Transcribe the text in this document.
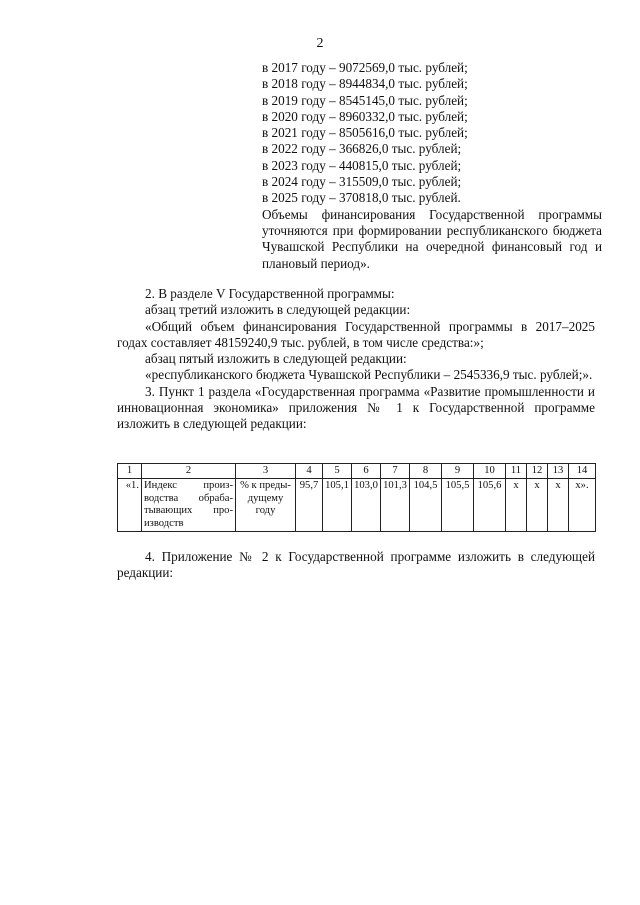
2
в 2017 году – 9072569,0 тыс. рублей;
в 2018 году – 8944834,0 тыс. рублей;
в 2019 году – 8545145,0 тыс. рублей;
в 2020 году – 8960332,0 тыс. рублей;
в 2021 году – 8505616,0 тыс. рублей;
в 2022 году – 366826,0 тыс. рублей;
в 2023 году – 440815,0 тыс. рублей;
в 2024 году – 315509,0 тыс. рублей;
в 2025 году – 370818,0 тыс. рублей.
Объемы финансирования Государственной программы уточняются при формировании республиканского бюджета Чувашской Республики на очередной финансовый год и плановый период».

2. В разделе V Государственной программы:

абзац третий изложить в следующей редакции:

«Общий объем финансирования Государственной программы в 2017–2025 годах составляет 48159240,9 тыс. рублей, в том числе средства:»;

абзац пятый изложить в следующей редакции:

«республиканского бюджета Чувашской Республики – 2545336,9 тыс. рублей;».

3. Пункт 1 раздела «Государственная программа «Развитие промышленности и инновационная экономика» приложения № 1 к Государственной программе изложить в следующей редакции:

1	2	3	4	5	6	7	8	9	10	11	12	13	14
«1.	Индекс производства обрабатывающих производств	% к предыдущему году	95,7	105,1	103,0	101,3	104,5	105,5	105,6	х	х	х	х».

4. Приложение № 2 к Государственной программе изложить в следующей редакции:
